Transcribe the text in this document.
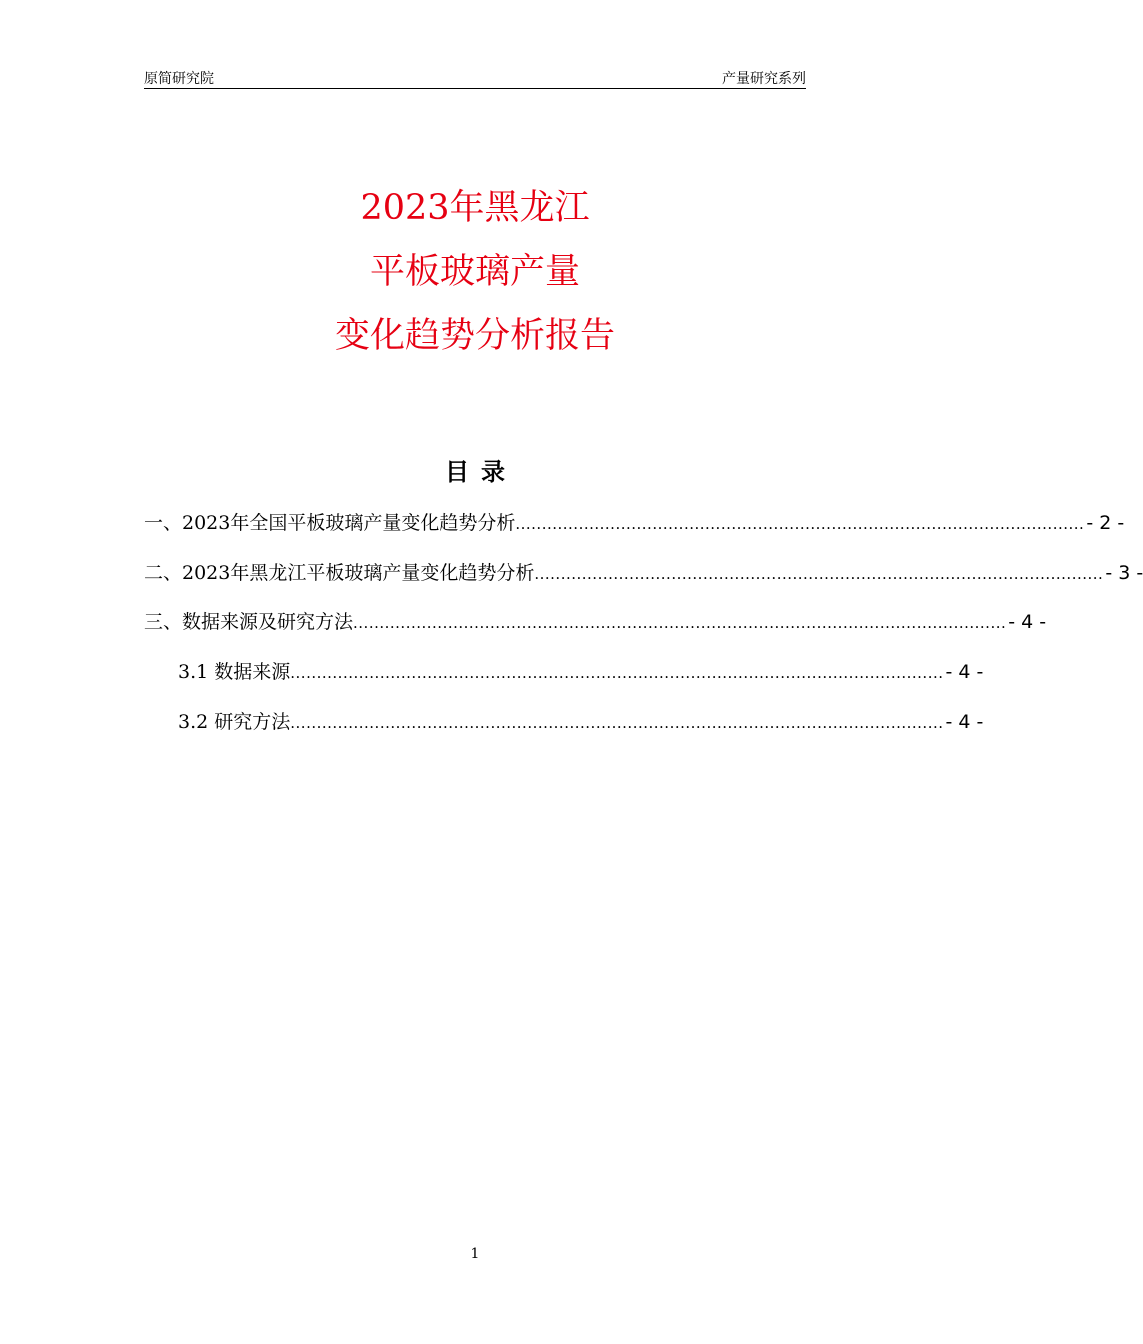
原简研究院	产量研究系列
2023年黑龙江
平板玻璃产量
变化趋势分析报告
目录
一、2023年全国平板玻璃产量变化趋势分析 ............................................................................................................ - 2 -
二、2023年黑龙江平板玻璃产量变化趋势分析 ............................................................................................................ - 3 -
三、数据来源及研究方法 ............................................................................................................................ - 4 -
3.1 数据来源 ............................................................................................................................ - 4 -
3.2 研究方法 ............................................................................................................................ - 4 -
1
